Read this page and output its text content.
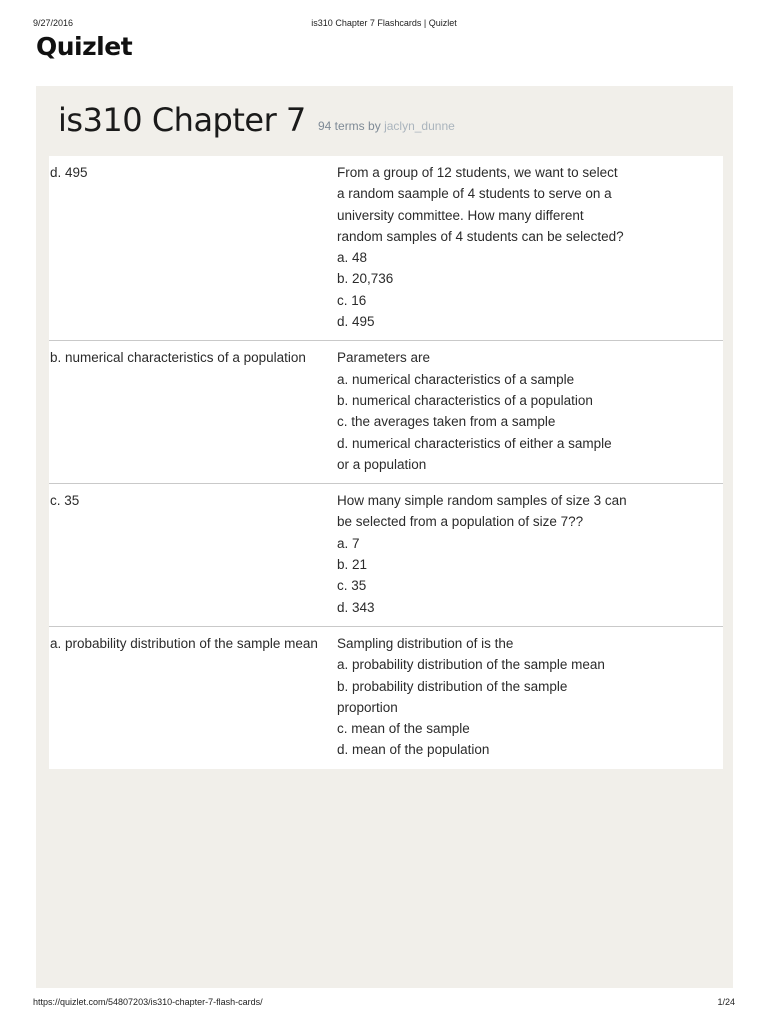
9/27/2016	is310 Chapter 7 Flashcards | Quizlet
Quizlet
is310 Chapter 7 94 terms by jaclyn_dunne
d. 495	From a group of 12 students, we want to select a random saample of 4 students to serve on a university committee. How many different random samples of 4 students can be selected?a. 48
b. 20,736
c. 16
d. 495
b. numerical characteristics of a population	Parameters are
a. numerical characteristics of a sample
b. numerical characteristics of a population
c. the averages taken from a sample
d. numerical characteristics of either a sample or a population
c. 35	How many simple random samples of size 3 can be selected from a population of size 7??
a. 7
b. 21
c. 35
d. 343
a. probability distribution of the sample mean	Sampling distribution of is the
a. probability distribution of the sample mean
b. probability distribution of the sample proportion
c. mean of the sample
d. mean of the population
https://quizlet.com/54807203/is310-chapter-7-flash-cards/	1/24
